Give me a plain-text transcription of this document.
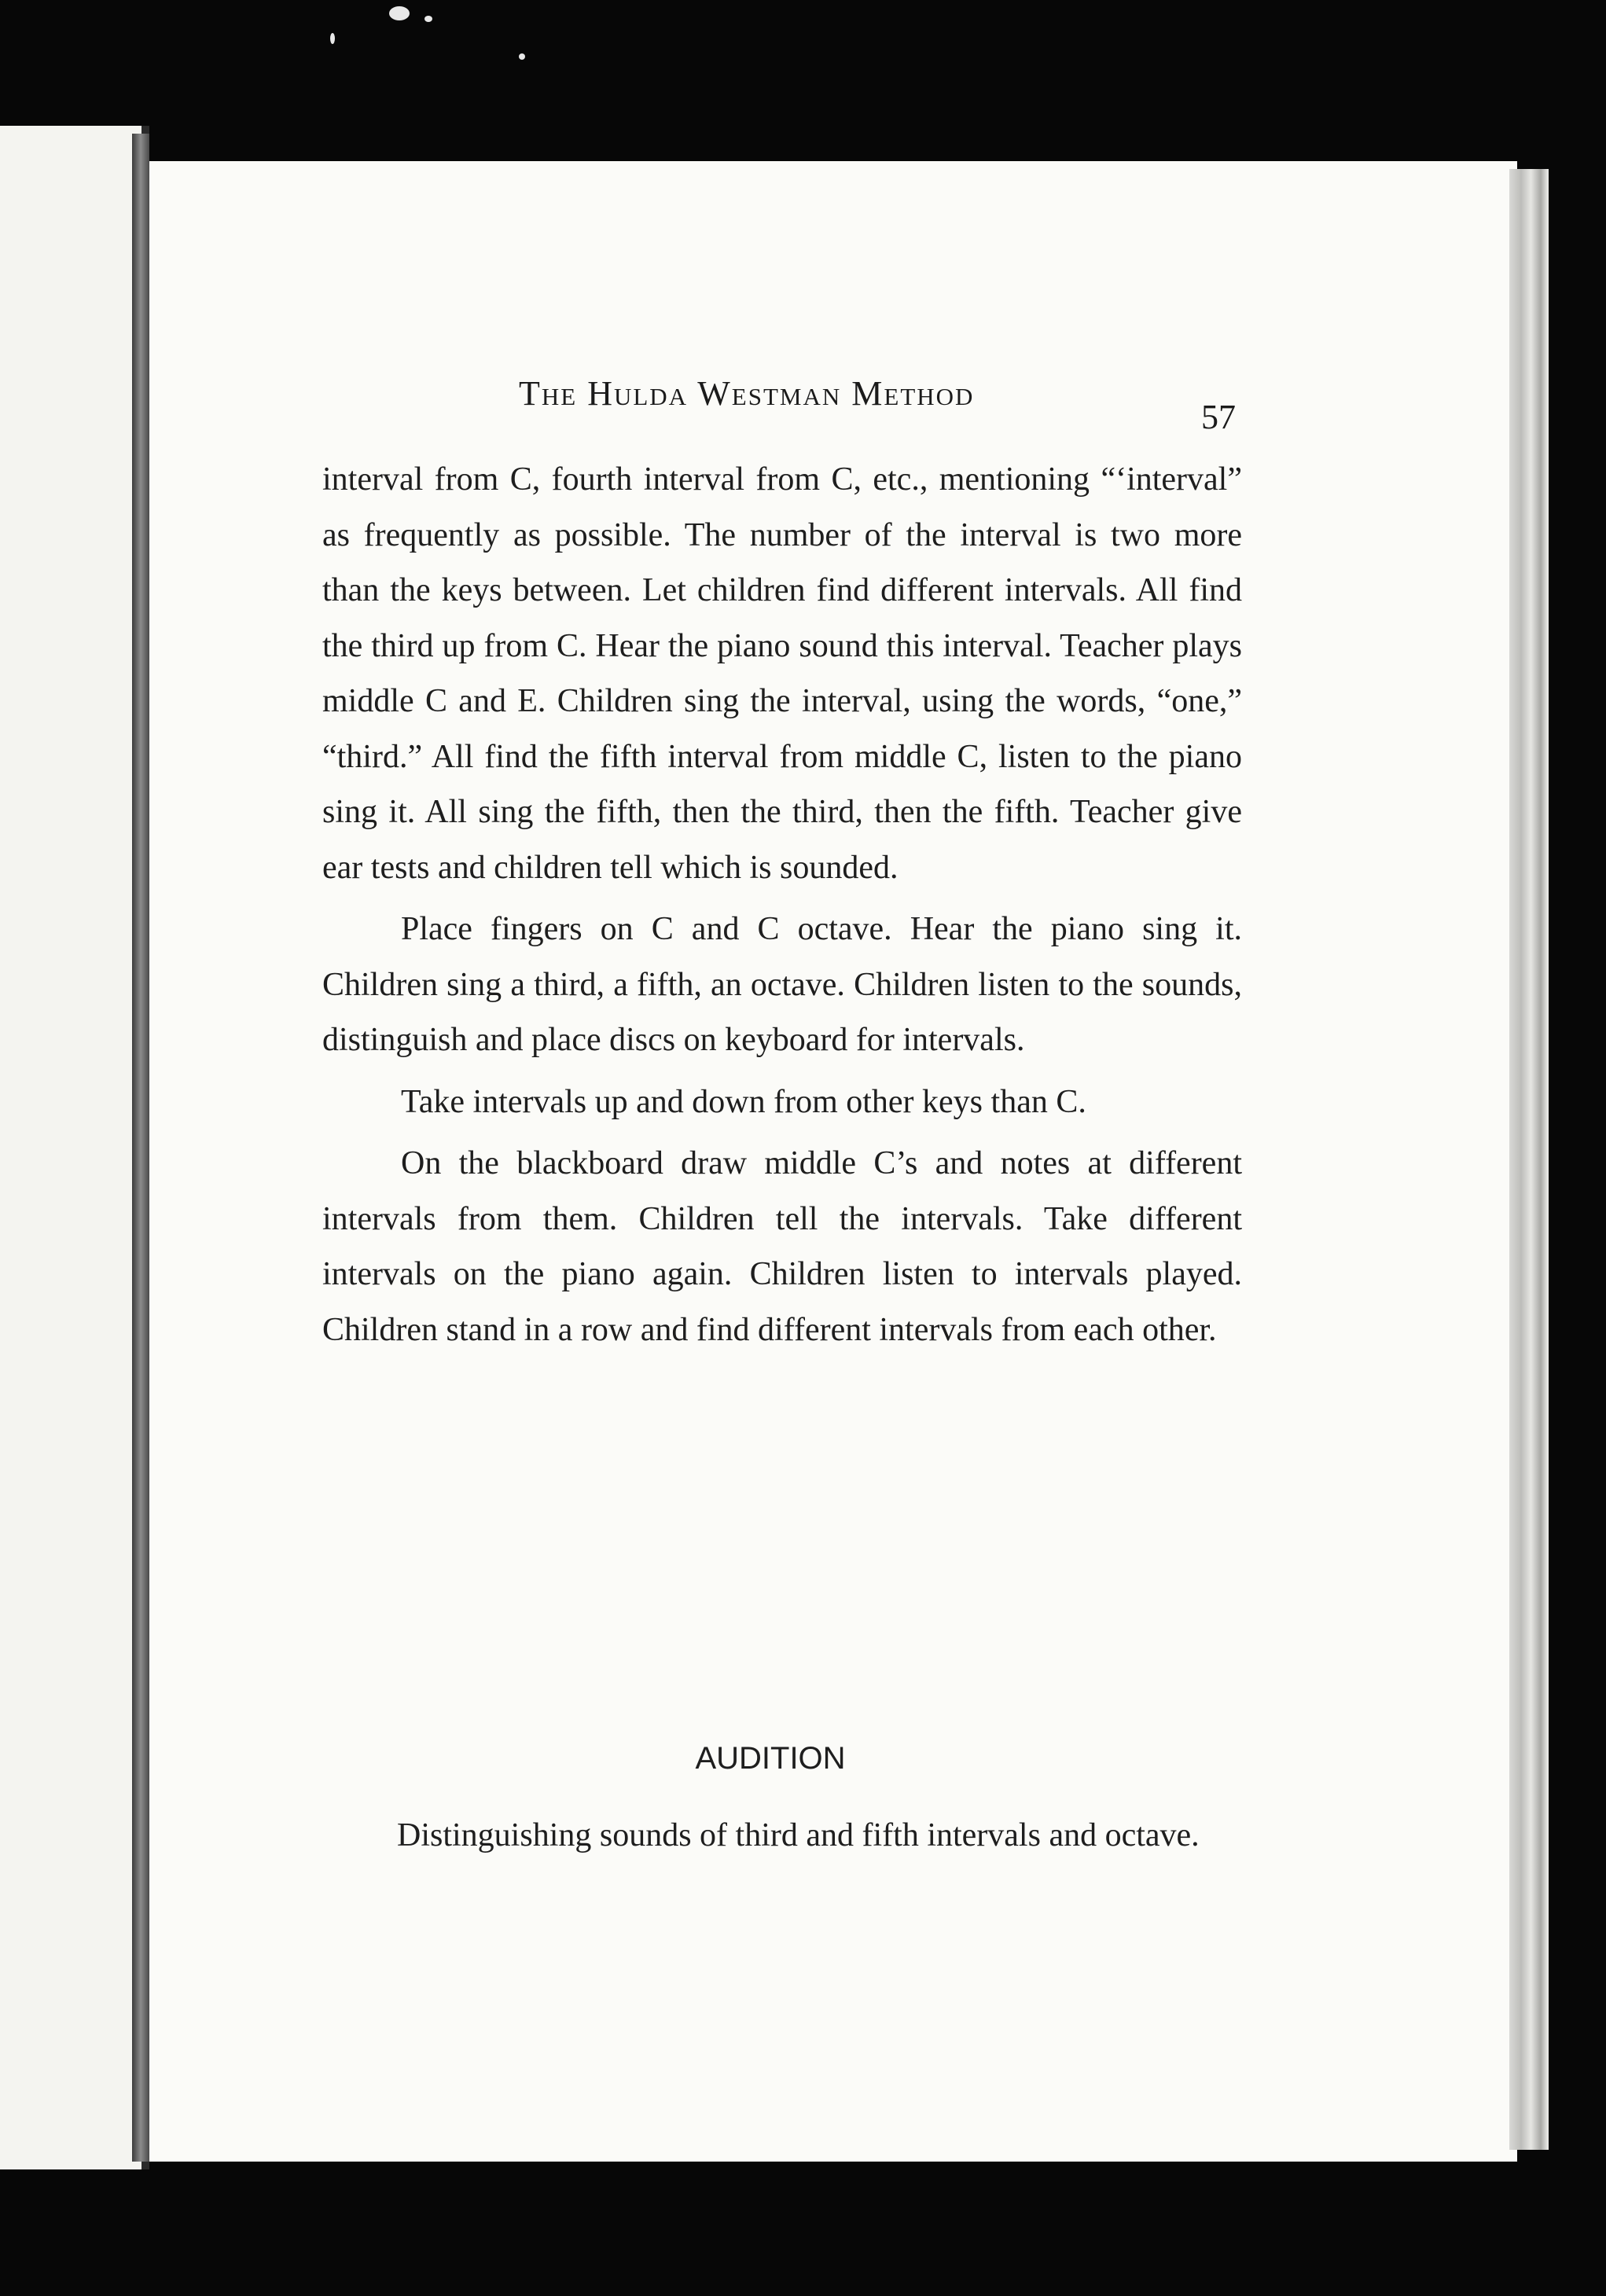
The Hulda Westman Method
57

interval from C, fourth interval from C, etc., mentioning “‘interval” as frequently as possible. The number of the interval is two more than the keys between. Let children find different intervals. All find the third up from C. Hear the piano sound this interval. Teacher plays middle C and E. Children sing the interval, using the words, “one,” “third.” All find the fifth interval from middle C, listen to the piano sing it. All sing the fifth, then the third, then the fifth. Teacher give ear tests and children tell which is sounded.

Place fingers on C and C octave. Hear the piano sing it. Children sing a third, a fifth, an octave. Children listen to the sounds, distinguish and place discs on keyboard for intervals.

Take intervals up and down from other keys than C.

On the blackboard draw middle C’s and notes at different intervals from them. Children tell the intervals. Take different intervals on the piano again. Children listen to intervals played. Children stand in a row and find different intervals from each other.

AUDITION
Distinguishing sounds of third and fifth intervals and octave.
